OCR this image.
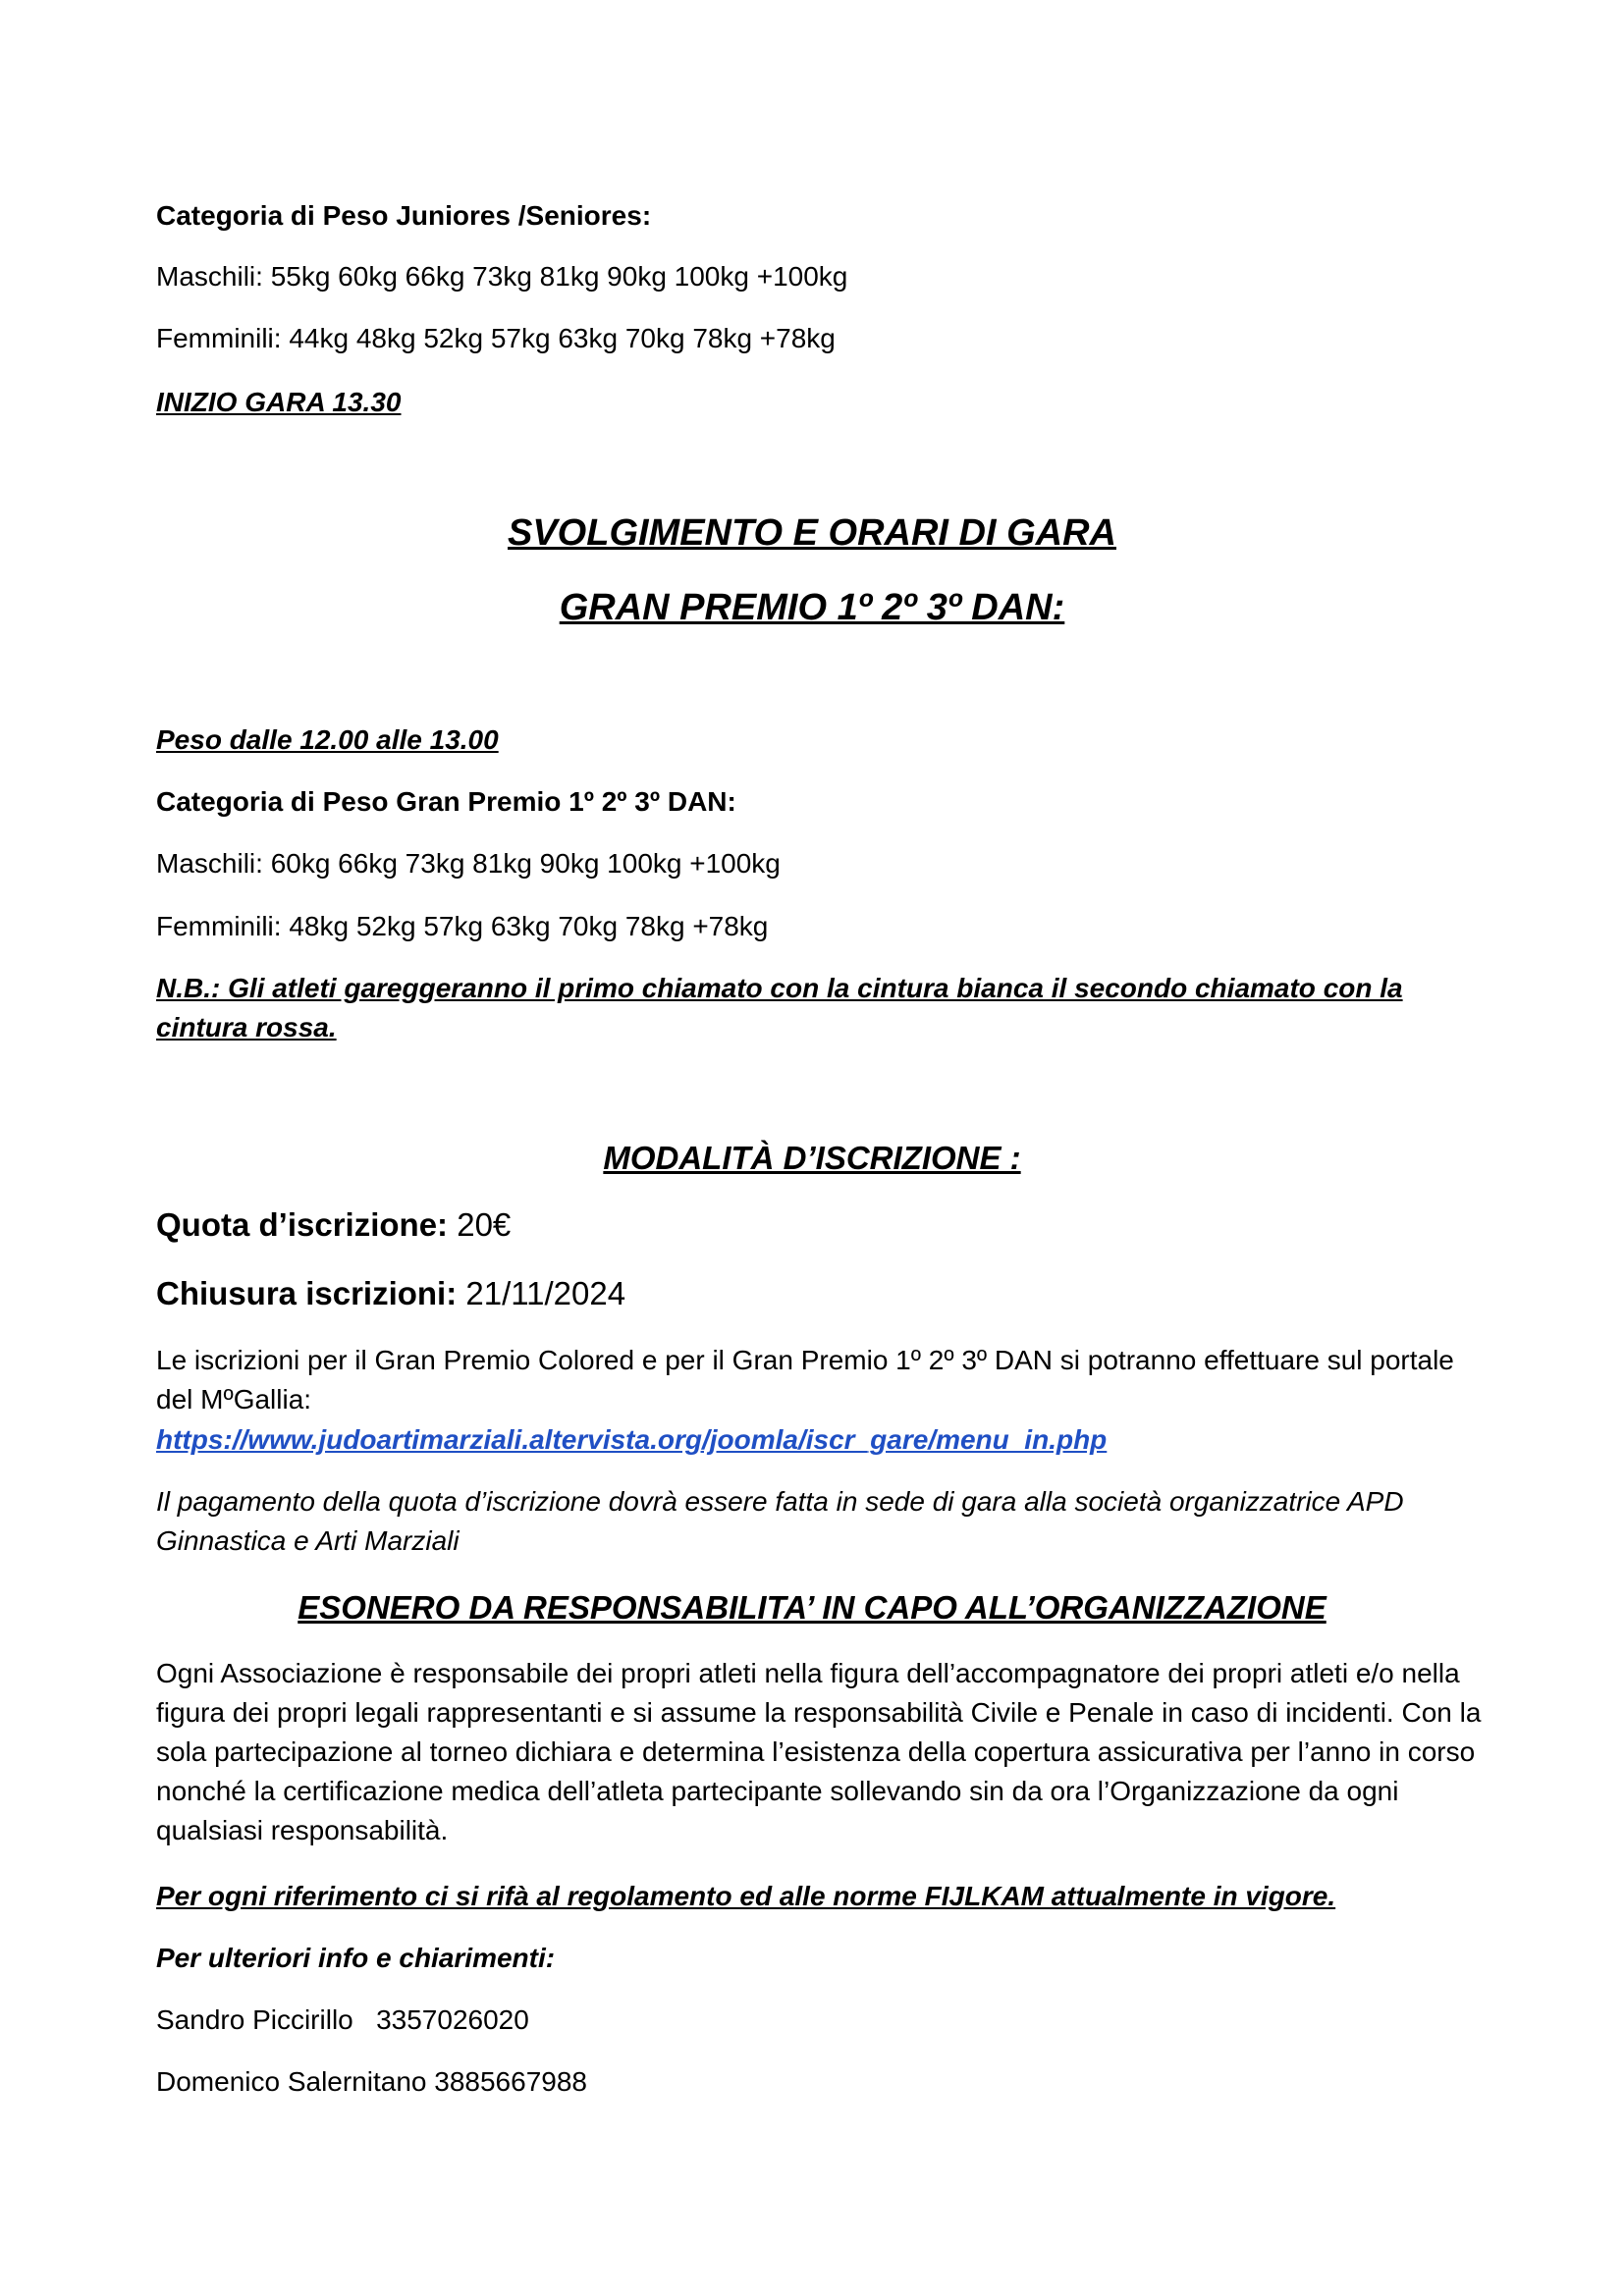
Categoria di Peso Juniores /Seniores:

Maschili: 55kg 60kg 66kg 73kg 81kg 90kg 100kg +100kg

Femminili: 44kg 48kg 52kg 57kg 63kg 70kg 78kg +78kg

INIZIO GARA 13.30

SVOLGIMENTO E ORARI DI GARA

GRAN PREMIO 1º 2º 3º DAN:

Peso dalle 12.00 alle 13.00

Categoria di Peso Gran Premio 1º 2º 3º DAN:

Maschili: 60kg 66kg 73kg 81kg 90kg 100kg +100kg

Femminili: 48kg 52kg 57kg 63kg 70kg 78kg +78kg

N.B.: Gli atleti gareggeranno il primo chiamato con la cintura bianca il secondo chiamato con la cintura rossa.

MODALITÀ D’ISCRIZIONE :

Quota d’iscrizione: 20€

Chiusura iscrizioni: 21/11/2024

Le iscrizioni per il Gran Premio Colored e per il Gran Premio 1º 2º 3º DAN si potranno effettuare sul portale del MºGallia:

https://www.judoartimarziali.altervista.org/joomla/iscr_gare/menu_in.php

Il pagamento della quota d’iscrizione dovrà essere fatta in sede di gara alla società organizzatrice APD Ginnastica e Arti Marziali

ESONERO DA RESPONSABILITA’ IN CAPO ALL’ORGANIZZAZIONE

Ogni Associazione è responsabile dei propri atleti nella figura dell’accompagnatore dei propri atleti e/o nella figura dei propri legali rappresentanti e si assume la responsabilità Civile e Penale in caso di incidenti. Con la sola partecipazione al torneo dichiara e determina l’esistenza della copertura assicurativa per l’anno in corso nonché la certificazione medica dell’atleta partecipante sollevando sin da ora l’Organizzazione da ogni qualsiasi responsabilità.

Per ogni riferimento ci si rifà al regolamento ed alle norme FIJLKAM attualmente in vigore.

Per ulteriori info e chiarimenti:

Sandro Piccirillo   3357026020

Domenico Salernitano 3885667988
